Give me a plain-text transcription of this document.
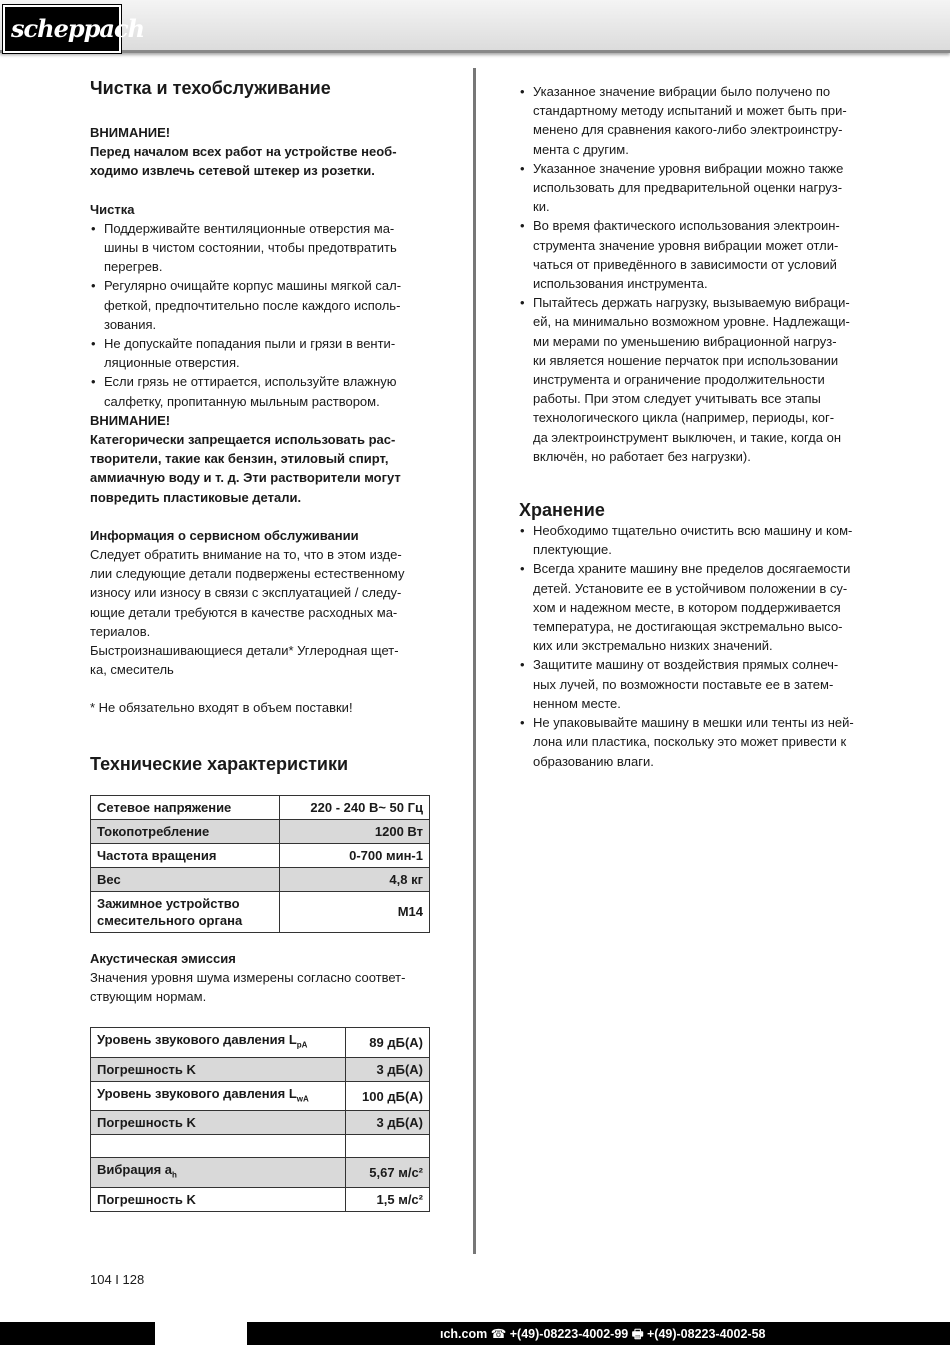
scheppach
Чистка и техобслуживание

ВНИМАНИЕ!

Перед началом всех работ на устройстве необ-

ходимо извлечь сетевой штекер из розетки.

Чистка

• Поддерживайте вентиляционные отверстия ма-
шины в чистом состоянии, чтобы предотвратить
перегрев.
• Регулярно очищайте корпус машины мягкой сал-
феткой, предпочтительно после каждого исполь-
зования.
• Не допускайте попадания пыли и грязи в венти-
ляционные отверстия.
• Если грязь не оттирается, используйте влажную
салфетку, пропитанную мыльным раствором.

ВНИМАНИЕ!

Категорически запрещается использовать рас-

творители, такие как бензин, этиловый спирт,

аммиачную воду и т. д. Эти растворители могут

повредить пластиковые детали.

Информация о сервисном обслуживании

Следует обратить внимание на то, что в этом изде-

лии следующие детали подвержены естественному

износу или износу в связи с эксплуатацией / следу-

ющие детали требуются в качестве расходных ма-

териалов.

Быстроизнашивающиеся детали* Углеродная щет-

ка, смеситель

* Не обязательно входят в объем поставки!

Технические характеристики
Сетевое напряжение	220 - 240 В~ 50 Гц
Токопотребление	1200 Вт
Частота вращения	0-700 мин-1
Вес	4,8 кг

Зажимное устройство
смесительного органа	M14

Акустическая эмиссия

Значения уровня шума измерены согласно соответ-

ствующим нормам.

Уровень звукового давления $L_{pA}$	89 дБ(A)
Погрешность K	3 дБ(A)
Уровень звукового давления $L_{wA}$	100 дБ(A)
Погрешность K	3 дБ(A)

Вибрация $a_h$	5,67 м/с²
Погрешность K	1,5 м/с²
• Указанное значение вибрации было получено по
стандартному методу испытаний и может быть при-
менено для сравнения какого-либо электроинстру-
мента с другим.
• Указанное значение уровня вибрации можно также
использовать для предварительной оценки нагруз-
ки.
• Во время фактического использования электроин-
струмента значение уровня вибрации может отли-
чаться от приведённого в зависимости от условий
использования инструмента.
• Пытайтесь держать нагрузку, вызываемую вибраци-
ей, на минимально возможном уровне. Надлежащи-
ми мерами по уменьшению вибрационной нагруз-
ки является ношение перчаток при использовании
инструмента и ограничение продолжительности
работы. При этом следует учитывать все этапы
технологического цикла (например, периоды, ког-
да электроинструмент выключен, и такие, когда он
включён, но работает без нагрузки).
Хранение
• Необходимо тщательно очистить всю машину и ком-
плектующие.
• Всегда храните машину вне пределов досягаемости
детей. Установите ее в устойчивом положении в су-
хом и надежном месте, в котором поддерживается
температура, не достигающая экстремально высо-
ких или экстремально низких значений.
• Защитите машину от воздействия прямых солнеч-
ных лучей, по возможности поставьте ее в затем-
ненном месте.
• Не упаковывайте машину в мешки или тенты из ней-
лона или пластика, поскольку это может привести к
образованию влаги.
104 I 128
ıch.com ☎ +(49)-08223-4002-99 🖶 +(49)-08223-4002-58
